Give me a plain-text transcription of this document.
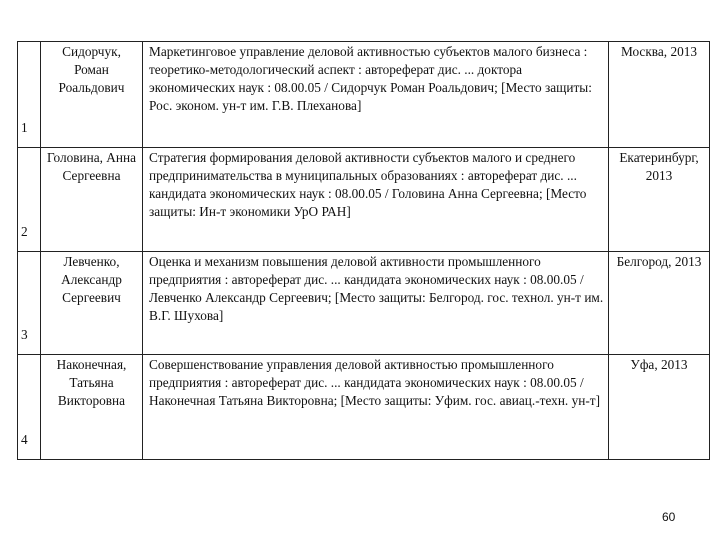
1	Сидорчук, Роман Роальдович	Маркетинговое управление деловой активностью субъектов малого бизнеса : теоретико-методологический аспект : автореферат дис. ... доктора экономических наук : 08.00.05 / Сидорчук Роман Роальдович; [Место защиты: Рос. эконом. ун-т им. Г.В. Плеханова]	Москва, 2013
2	Головина, Анна Сергеевна	Стратегия формирования деловой активности субъектов малого и среднего предпринимательства в муниципальных образованиях : автореферат дис. ... кандидата экономических наук : 08.00.05 / Головина Анна Сергеевна; [Место защиты: Ин-т экономики УрО РАН]	Екатеринбург, 2013
3	Левченко, Александр Сергеевич	Оценка и механизм повышения деловой активности промышленного предприятия : автореферат дис. ... кандидата экономических наук : 08.00.05 / Левченко Александр Сергеевич; [Место защиты: Белгород. гос. технол. ун-т им. В.Г. Шухова]	Белгород, 2013
4	Наконечная, Татьяна Викторовна	Совершенствование управления деловой активностью промышленного предприятия : автореферат дис. ... кандидата экономических наук : 08.00.05 / Наконечная Татьяна Викторовна; [Место защиты: Уфим. гос. авиац.-техн. ун-т]	Уфа, 2013
60
